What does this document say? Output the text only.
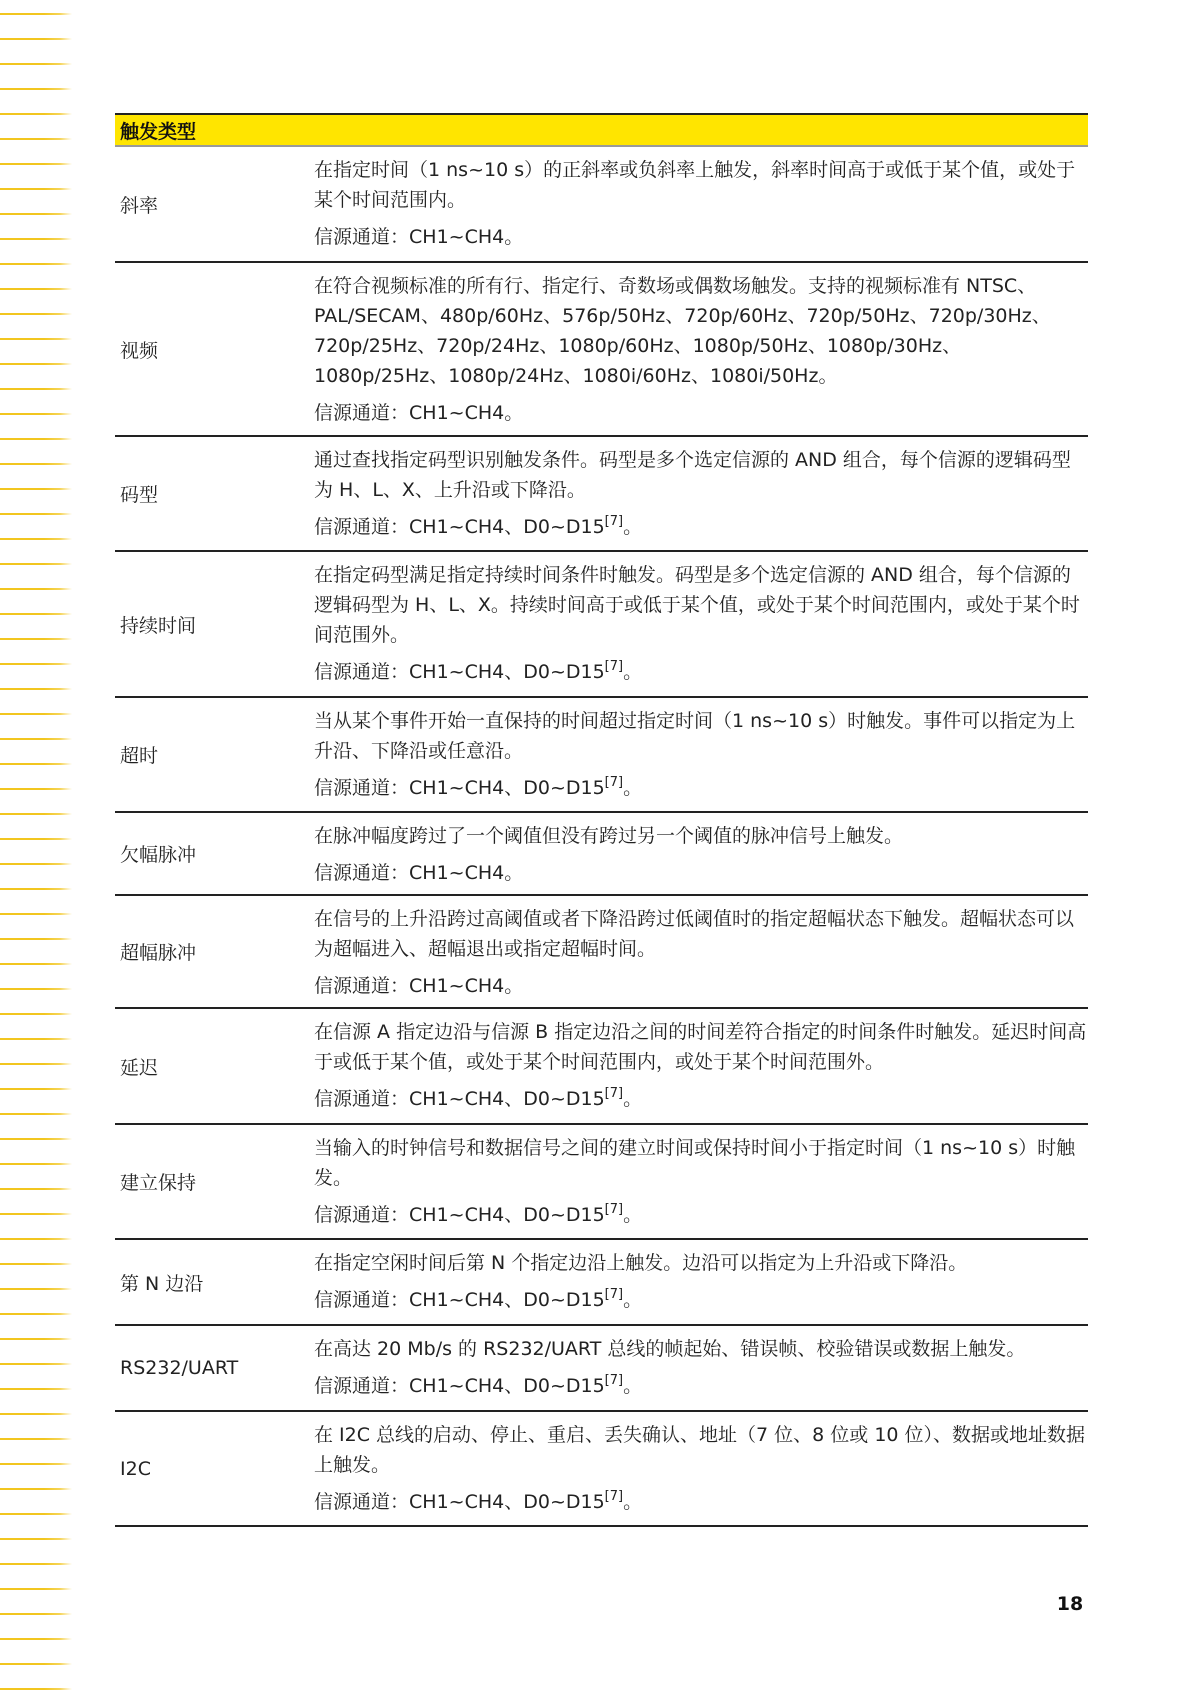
触发类型
斜率

在指定时间（1 ns~10 s）的正斜率或负斜率上触发，斜率时间高于或低于某个值，或处于某个时间范围内。

信源通道：CH1~CH4。

视频

在符合视频标准的所有行、指定行、奇数场或偶数场触发。支持的视频标准有 NTSC、PAL/SECAM、480p/60Hz、576p/50Hz、720p/60Hz、720p/50Hz、720p/30Hz、720p/25Hz、720p/24Hz、1080p/60Hz、1080p/50Hz、1080p/30Hz、1080p/25Hz、1080p/24Hz、1080i/60Hz、1080i/50Hz。

信源通道：CH1~CH4。

码型

通过查找指定码型识别触发条件。码型是多个选定信源的 AND 组合，每个信源的逻辑码型为 H、L、X、上升沿或下降沿。

信源通道：CH1~CH4、D0~D15[7]。

持续时间

在指定码型满足指定持续时间条件时触发。码型是多个选定信源的 AND 组合，每个信源的逻辑码型为 H、L、X。持续时间高于或低于某个值，或处于某个时间范围内，或处于某个时间范围外。

信源通道：CH1~CH4、D0~D15[7]。

超时

当从某个事件开始一直保持的时间超过指定时间（1 ns~10 s）时触发。事件可以指定为上升沿、下降沿或任意沿。

信源通道：CH1~CH4、D0~D15[7]。

欠幅脉冲

在脉冲幅度跨过了一个阈值但没有跨过另一个阈值的脉冲信号上触发。

信源通道：CH1~CH4。

超幅脉冲

在信号的上升沿跨过高阈值或者下降沿跨过低阈值时的指定超幅状态下触发。超幅状态可以为超幅进入、超幅退出或指定超幅时间。

信源通道：CH1~CH4。

延迟

在信源 A 指定边沿与信源 B 指定边沿之间的时间差符合指定的时间条件时触发。延迟时间高于或低于某个值，或处于某个时间范围内，或处于某个时间范围外。

信源通道：CH1~CH4、D0~D15[7]。

建立保持

当输入的时钟信号和数据信号之间的建立时间或保持时间小于指定时间（1 ns~10 s）时触发。

信源通道：CH1~CH4、D0~D15[7]。

第 N 边沿

在指定空闲时间后第 N 个指定边沿上触发。边沿可以指定为上升沿或下降沿。

信源通道：CH1~CH4、D0~D15[7]。

RS232/UART

在高达 20 Mb/s 的 RS232/UART 总线的帧起始、错误帧、校验错误或数据上触发。

信源通道：CH1~CH4、D0~D15[7]。

I2C

在 I2C 总线的启动、停止、重启、丢失确认、地址（7 位、8 位或 10 位）、数据或地址数据上触发。

信源通道：CH1~CH4、D0~D15[7]。

18
